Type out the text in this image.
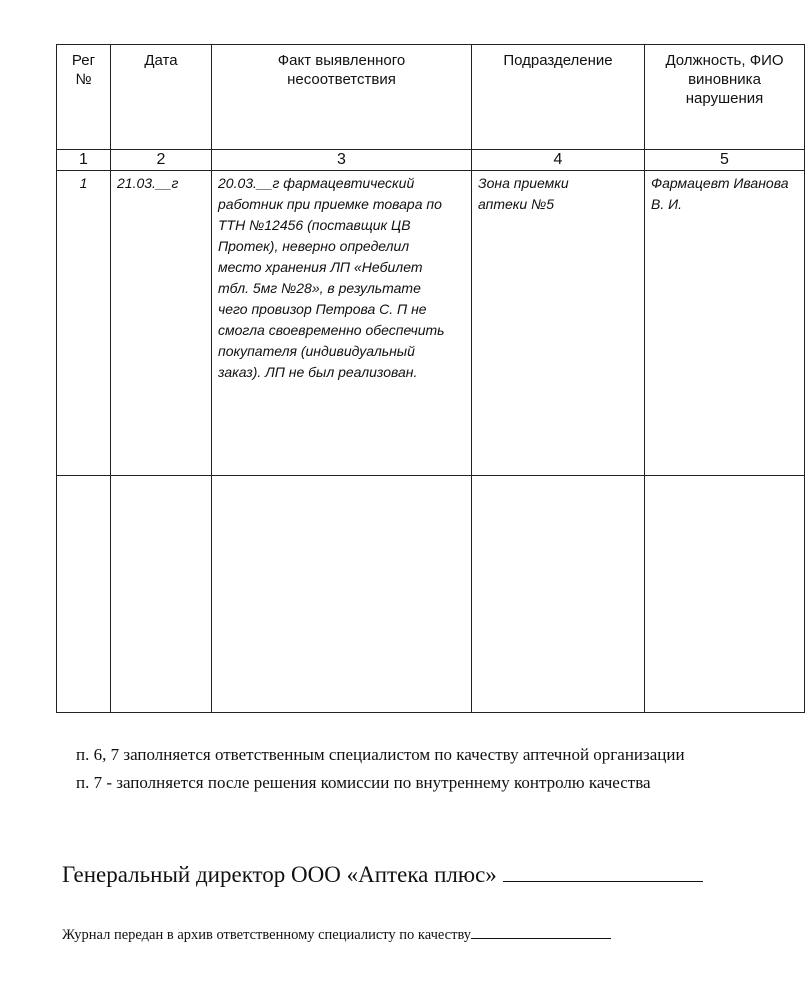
Рег №	Дата	Факт выявленного несоответствия	Подразделение	Должность, ФИО виновника нарушения
1	2	3	4	5
1	21.03.__г	20.03.__г фармацевтический работник при приемке товара по ТТН №12456 (поставщик ЦВ Протек), неверно определил место хранения ЛП «Небилет тбл. 5мг №28», в результате чего провизор Петрова С. П не смогла своевременно обеспечить покупателя (индивидуальный заказ). ЛП не был реализован.	Зона приемки аптеки №5	Фармацевт Иванова В. И.

п. 6, 7 заполняется ответственным специалистом по качеству аптечной организации
п. 7 - заполняется после решения комиссии по внутреннему контролю качества
Генеральный директор ООО «Аптека плюс»
Журнал передан в архив ответственному специалисту по качеству
